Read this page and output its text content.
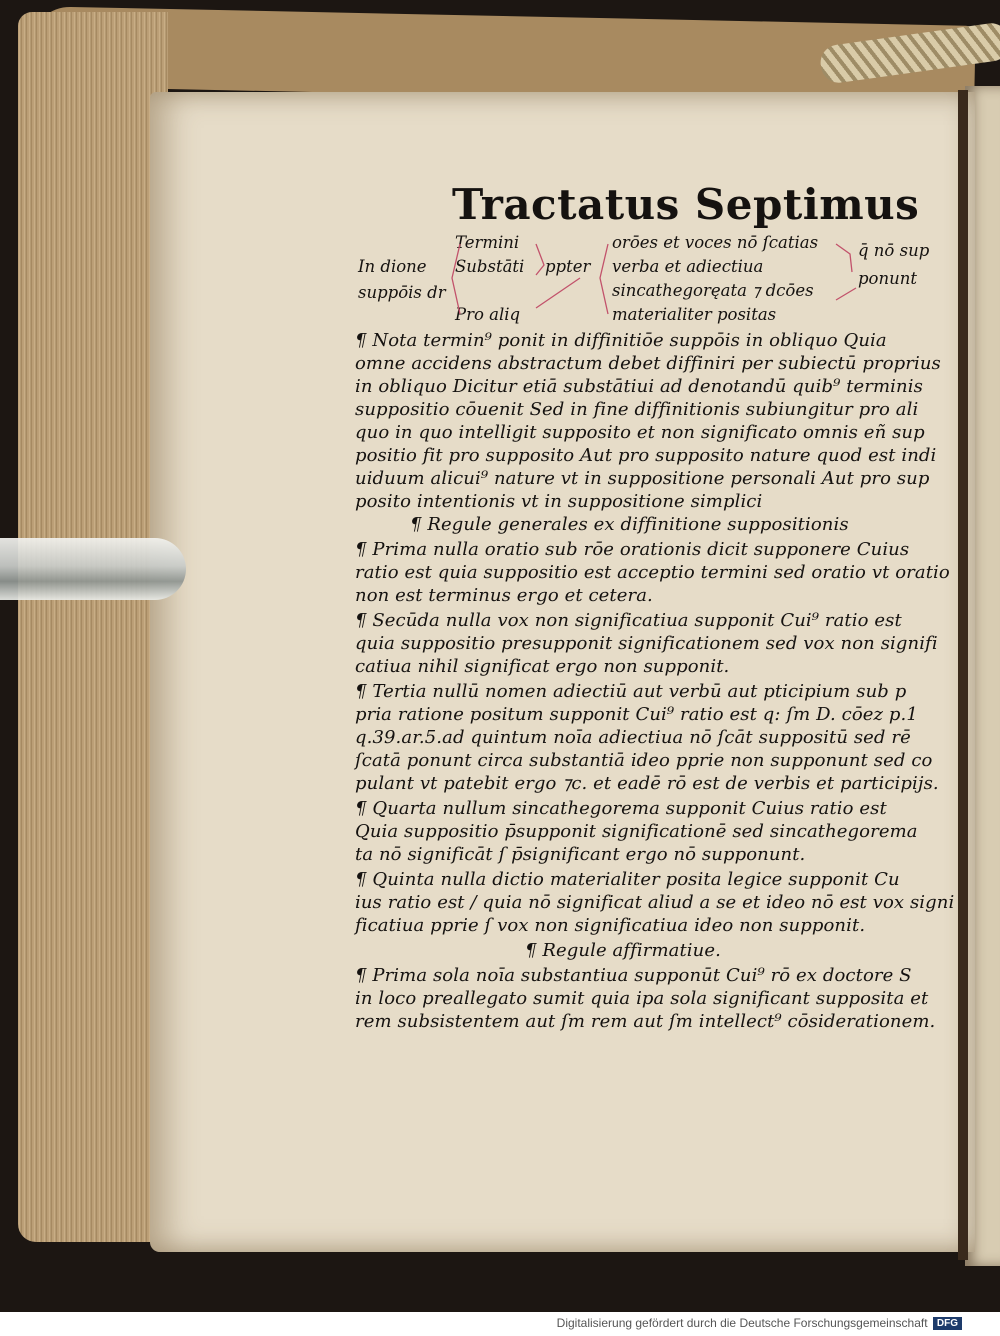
Tractatus Septimus
In dione
suppōis dr
Termini
Substāti
Pro aliq
ppter
orōes et voces nō ſcatias
verba et adiectiua
sincathegoręata ⁊ dcōes
materialiter positas
q̄ nō sup
ponunt
¶ Nota termin⁹ ponit in diffinitiōe suppōis in obliquo Quia
omne accidens abstractum debet diffiniri per subiectū proprius
in obliquo Dicitur etiā substātiui ad denotandū quib⁹ terminis
suppositio cōuenit Sed in fine diffinitionis subiungitur pro ali
quo in quo intelligit supposito et non significato omnis eñ sup
positio fit pro supposito Aut pro supposito nature quod est indi
uiduum alicui⁹ nature vt in suppositione personali Aut pro sup
posito intentionis vt in suppositione simplici
¶ Regule generales ex diffinitione suppositionis
¶ Prima nulla oratio sub rōe orationis dicit supponere Cuius
ratio est quia suppositio est acceptio termini sed oratio vt oratio
non est terminus ergo et cetera.
¶ Secūda nulla vox non significatiua supponit Cui⁹ ratio est
quia suppositio presupponit significationem sed vox non signifi
catiua nihil significat ergo non supponit.
¶ Tertia nullū nomen adiectiū aut verbū aut pticipium sub p
pria ratione positum supponit Cui⁹ ratio est q: ſm D. cōez p.1
q.39.ar.5.ad quintum noīa adiectiua nō ſcāt suppositū sed rē
ſcatā ponunt circa substantiā ideo pprie non supponunt sed co
pulant vt patebit ergo ⁊c. et eadē rō est de verbis et participijs.
¶ Quarta nullum sincathegorema supponit Cuius ratio est
Quia suppositio p̄supponit significationē sed sincathegorema
ta nō significāt ſ p̄significant ergo nō supponunt.
¶ Quinta nulla dictio materialiter posita legice supponit Cu
ius ratio est / quia nō significat aliud a se et ideo nō est vox signi
ficatiua pprie ſ vox non significatiua ideo non supponit.
¶ Regule affirmatiue.
¶ Prima sola noīa substantiua supponūt Cui⁹ rō ex doctore S
in loco preallegato sumit quia ipa sola significant supposita et
rem subsistentem aut ſm rem aut ſm intellect⁹ cōsiderationem.
Digitalisierung gefördert durch die Deutsche Forschungsgemeinschaft DFG
